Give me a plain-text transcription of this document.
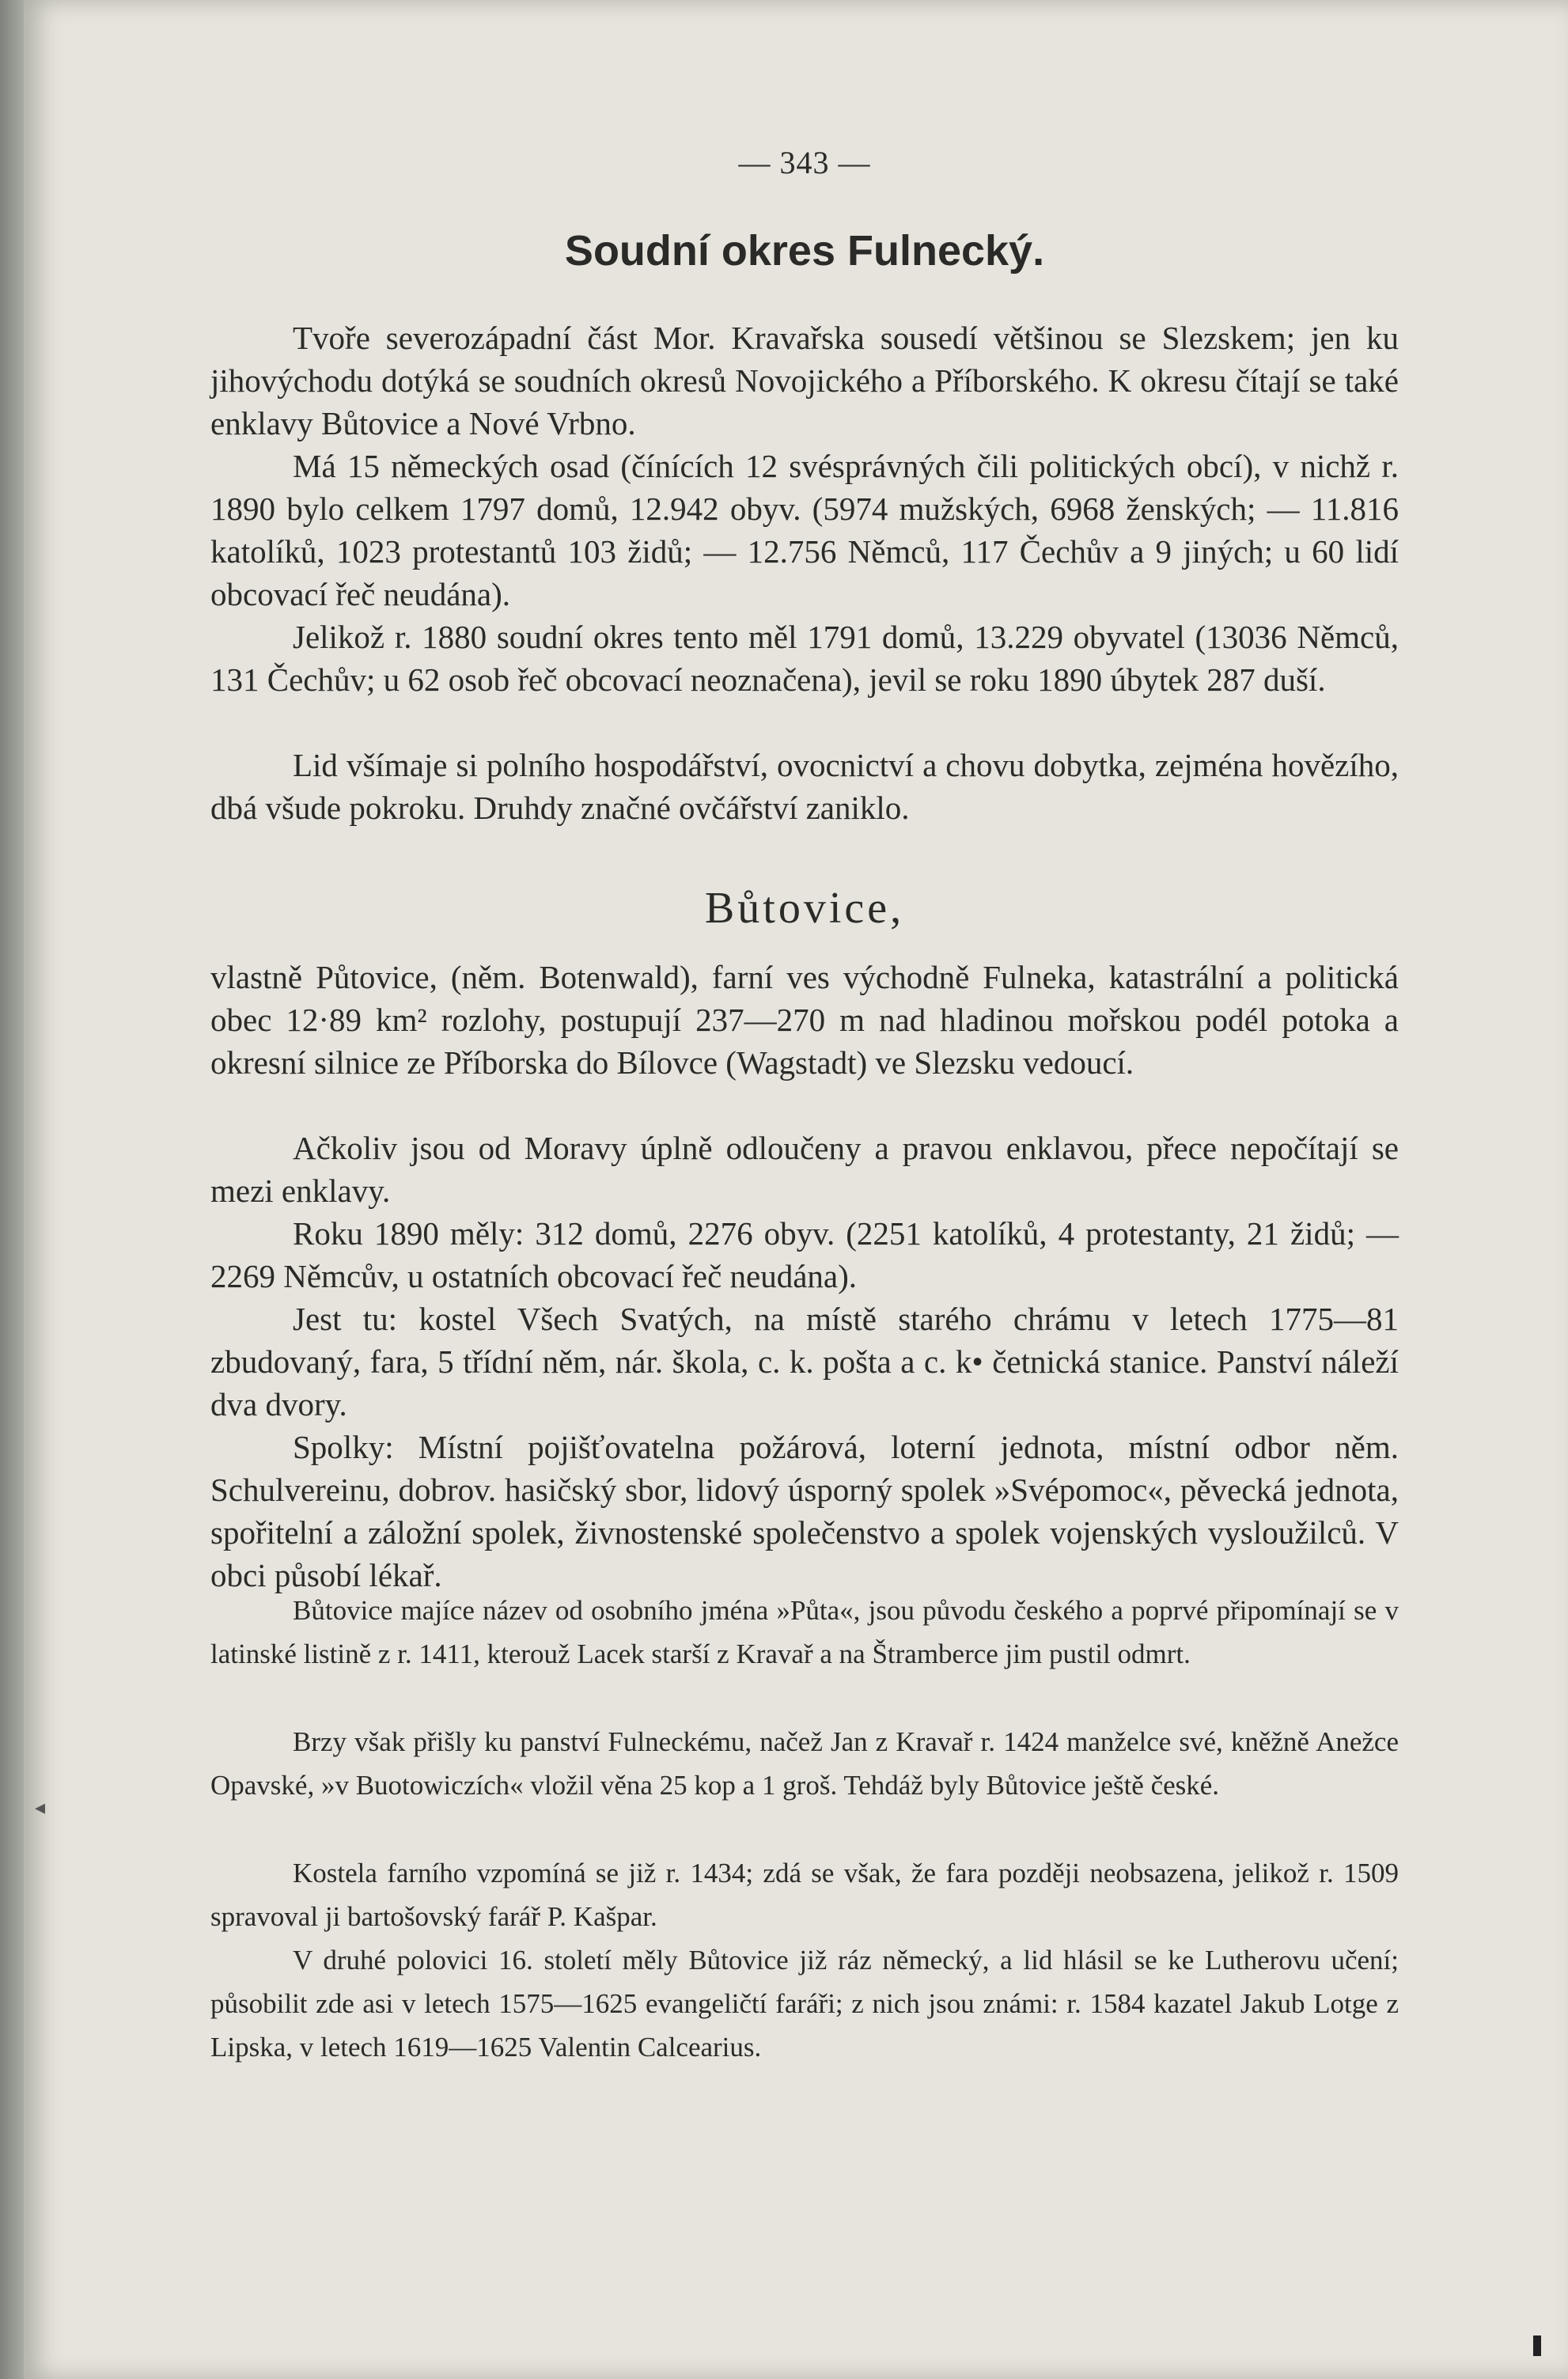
— 343 —
Soudní okres Fulnecký.

Tvoře severozápadní část Mor. Kravařska sousedí většinou se Slezskem; jen ku jihovýchodu dotýká se soudních okresů Novojického a Příborského. K okresu čítají se také enklavy Bůtovice a Nové Vrbno.

Má 15 německých osad (čínících 12 svésprávných čili politických obcí), v nichž r. 1890 bylo celkem 1797 domů, 12.942 obyv. (5974 mužských, 6968 ženských; — 11.816 katolíků, 1023 protestantů 103 židů; — 12.756 Němců, 117 Čechův a 9 jiných; u 60 lidí obcovací řeč neudána).

Jelikož r. 1880 soudní okres tento měl 1791 domů, 13.229 obyvatel (13036 Němců, 131 Čechův; u 62 osob řeč obcovací neoznačena), jevil se roku 1890 úbytek 287 duší.

Lid všímaje si polního hospodářství, ovocnictví a chovu dobytka, zejména hovězího, dbá všude pokroku. Druhdy značné ovčářství zaniklo.

Bůtovice,

vlastně Půtovice, (něm. Botenwald), farní ves východně Fulneka, katastrální a politická obec 12·89 km² rozlohy, postupují 237—270 m nad hladinou mořskou podél potoka a okresní silnice ze Příborska do Bílovce (Wagstadt) ve Slezsku vedoucí.

Ačkoliv jsou od Moravy úplně odloučeny a pravou enklavou, přece nepočítají se mezi enklavy.

Roku 1890 měly: 312 domů, 2276 obyv. (2251 katolíků, 4 protestanty, 21 židů; — 2269 Němcův, u ostatních obcovací řeč neudána).

Jest tu: kostel Všech Svatých, na místě starého chrámu v letech 1775—81 zbudovaný, fara, 5 třídní něm, nár. škola, c. k. pošta a c. k• četnická stanice. Panství náleží dva dvory.

Spolky: Místní pojišťovatelna požárová, loterní jednota, místní odbor něm. Schulvereinu, dobrov. hasičský sbor, lidový úsporný spolek »Svépomoc«, pěvecká jednota, spořitelní a záložní spolek, živnostenské společenstvo a spolek vojenských vysloužilců. V obci působí lékař.

Bůtovice majíce název od osobního jména »Půta«, jsou původu českého a poprvé připomínají se v latinské listině z r. 1411, kterouž Lacek starší z Kravař a na Štramberce jim pustil odmrt.

Brzy však přišly ku panství Fulneckému, načež Jan z Kravař r. 1424 manželce své, kněžně Anežce Opavské, »v Buotowiczích« vložil věna 25 kop a 1 groš. Tehdáž byly Bůtovice ještě české.

Kostela farního vzpomíná se již r. 1434; zdá se však, že fara později neobsazena, jelikož r. 1509 spravoval ji bartošovský farář P. Kašpar.

V druhé polovici 16. století měly Bůtovice již ráz německý, a lid hlásil se ke Lutherovu učení; působilit zde asi v letech 1575—1625 evangeličtí faráři; z nich jsou známi: r. 1584 kazatel Jakub Lotge z Lipska, v letech 1619—1625 Valentin Calcearius.

◂
